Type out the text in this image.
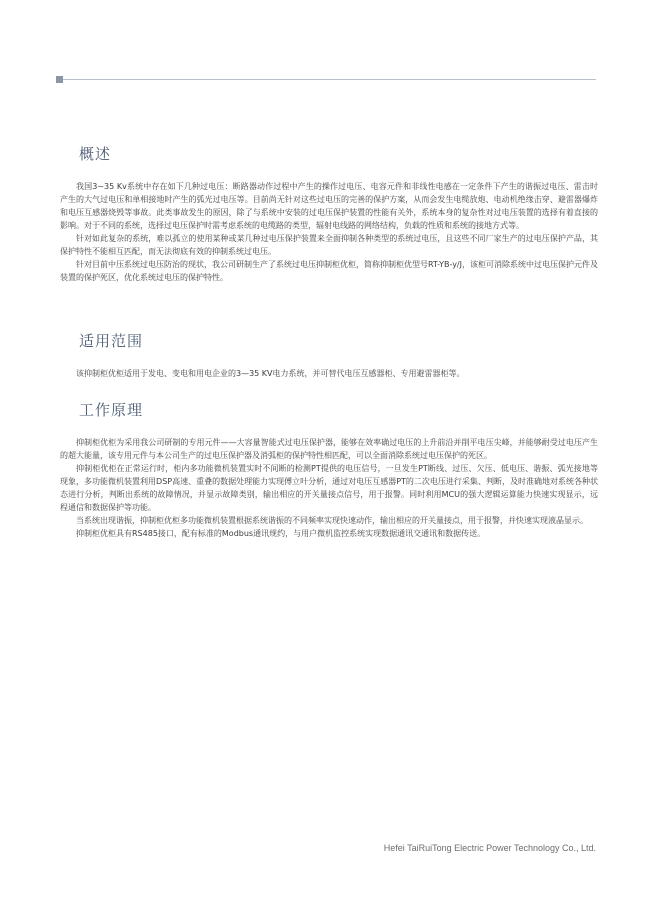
概述

我国3~35 Kv系统中存在如下几种过电压：断路器动作过程中产生的操作过电压、电容元件和非线性电感在一定条件下产生的谐振过电压、雷击时产生的大气过电压和单相接地时产生的弧光过电压等。目前尚无针对这些过电压的完善的保护方案，从而会发生电缆放炮、电动机绝缘击穿、避雷器爆炸和电压互感器烧毁等事故。此类事故发生的原因，除了与系统中安装的过电压保护装置的性能有关外，系统本身的复杂性对过电压装置的选择有着直接的影响。对于不同的系统，选择过电压保护时需考虑系统的电缆路的类型，辐射电线路的网络结构，负载的性质和系统的接地方式等。

针对如此复杂的系统，难以孤立的使用某种或某几种过电压保护装置来全面抑制各种类型的系统过电压，且这些不同厂家生产的过电压保护产品，其保护特性不能相互匹配，而无法彻底有效的抑制系统过电压。

针对目前中压系统过电压防治的现状，我公司研制生产了系统过电压抑制柜优柜，简称抑制柜优型号RT-YB-y/J，该柜可消除系统中过电压保护元件及装置的保护死区，优化系统过电压的保护特性。

适用范围

该抑制柜优柜适用于发电、变电和用电企业的3—35 KV电力系统，并可替代电压互感器柜、专用避雷器柜等。

工作原理

抑制柜优柜为采用我公司研制的专用元件——大容量智能式过电压保护器，能够在效率确过电压的上升前沿并削平电压尖峰，并能够耐受过电压产生的超大能量，该专用元件与本公司生产的过电压保护器及消弧柜的保护特性相匹配，可以全面消除系统过电压保护的死区。

抑制柜优柜在正常运行时，柜内多功能微机装置实时不间断的检测PT提供的电压信号，一旦发生PT断线、过压、欠压、低电压、谐振、弧光接地等现象，多功能微机装置利用DSP高速、重叠的数据处理能力实现傅立叶分析，通过对电压互感器PT的二次电压进行采集、判断，及时准确地对系统各种状态进行分析，判断出系统的故障情况，并显示故障类别，输出相应的开关量接点信号，用于报警。同时利用MCU的强大逻辑运算能力快速实现显示，远程通信和数据保护等功能。

当系统出现谐振，抑制柜优柜多功能微机装置根据系统谐振的不同频率实现快速动作，输出相应的开关量接点，用于报警，并快速实现液晶显示。

抑制柜优柜具有RS485接口，配有标准的Modbus通讯规约，与用户微机监控系统实现数据通讯交通讯和数据传送。

Hefei TaiRuiTong Electric Power Technology Co., Ltd.
